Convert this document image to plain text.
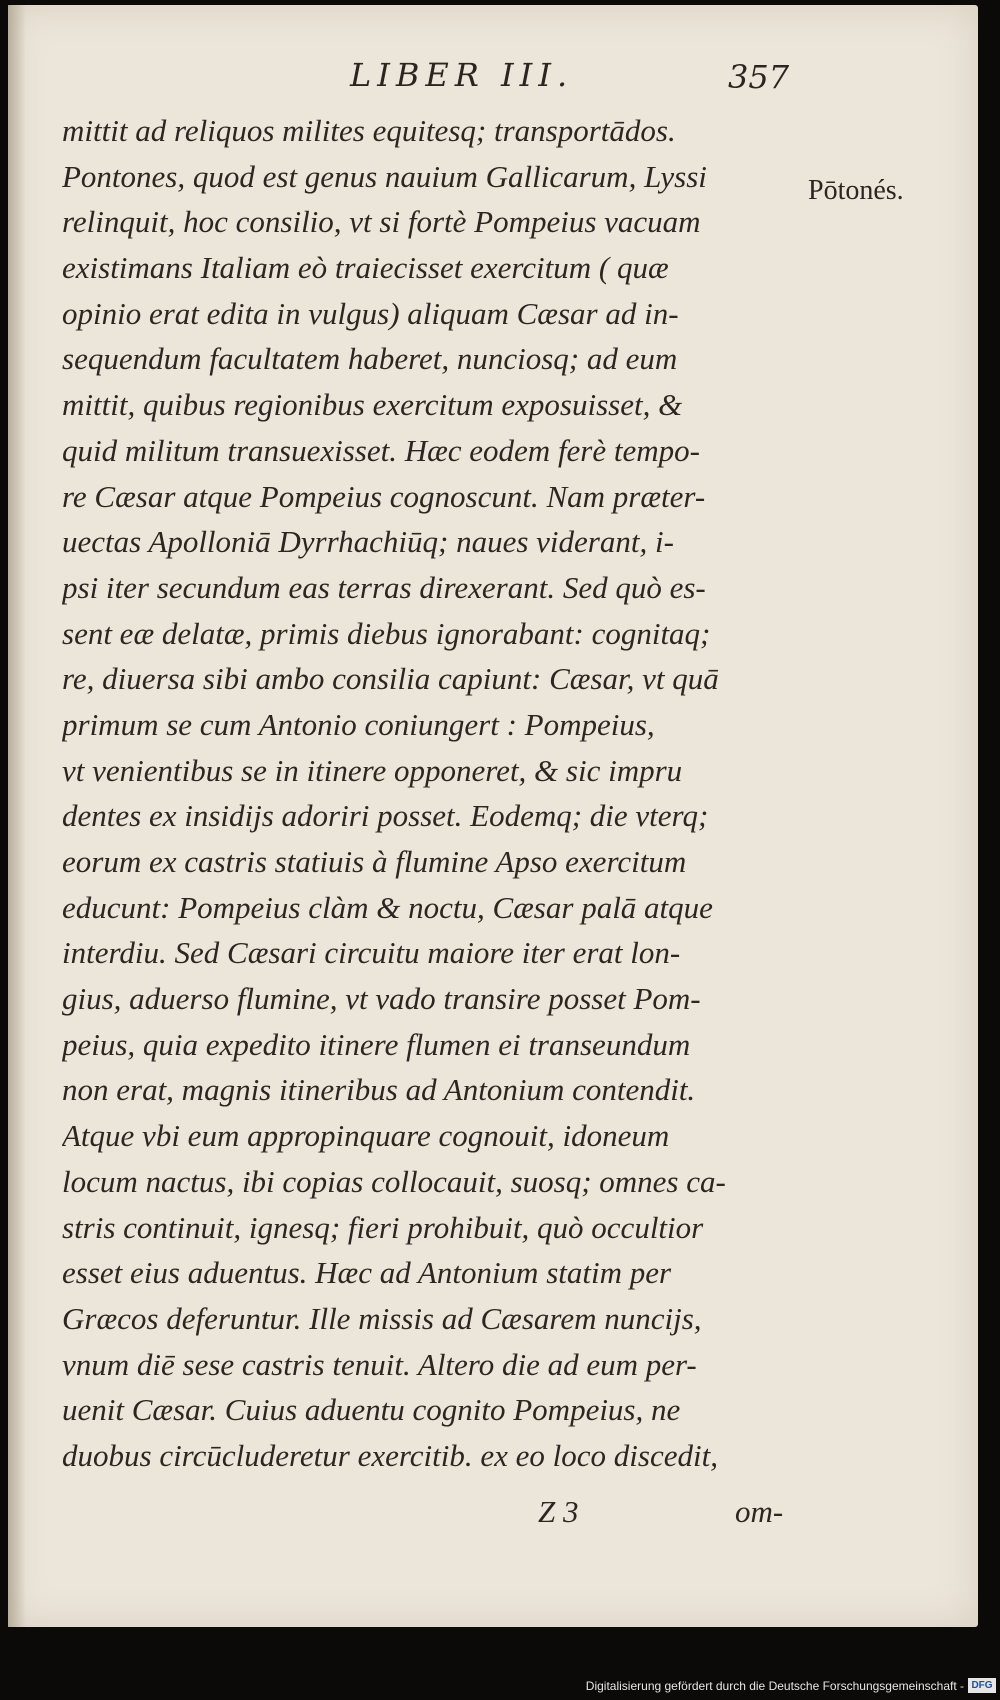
LIBER III.	357
Pōtonés.
mittit ad reliquos milites equitesq; transportādos.
Pontones, quod est genus nauium Gallicarum, Lyssi
relinquit, hoc consilio, vt si fortè Pompeius vacuam
existimans Italiam eò traiecisset exercitum ( quæ
opinio erat edita in vulgus) aliquam Cæsar ad in-
sequendum facultatem haberet, nunciosq; ad eum
mittit, quibus regionibus exercitum exposuisset, &
quid militum transuexisset. Hæc eodem ferè tempo-
re Cæsar atque Pompeius cognoscunt. Nam præter-
uectas Apolloniā Dyrrhachiūq; naues viderant, i-
psi iter secundum eas terras direxerant. Sed quò es-
sent eæ delatæ, primis diebus ignorabant: cognitaq;
re, diuersa sibi ambo consilia capiunt: Cæsar, vt quā
primum se cum Antonio coniungert : Pompeius,
vt venientibus se in itinere opponeret, & sic impru
dentes ex insidijs adoriri posset. Eodemq; die vterq;
eorum ex castris statiuis à flumine Apso exercitum
educunt: Pompeius clàm & noctu, Cæsar palā atque
interdiu. Sed Cæsari circuitu maiore iter erat lon-
gius, aduerso flumine, vt vado transire posset Pom-
peius, quia expedito itinere flumen ei transeundum
non erat, magnis itineribus ad Antonium contendit.
Atque vbi eum appropinquare cognouit, idoneum
locum nactus, ibi copias collocauit, suosq; omnes ca-
stris continuit, ignesq; fieri prohibuit, quò occultior
esset eius aduentus. Hæc ad Antonium statim per
Græcos deferuntur. Ille missis ad Cæsarem nuncijs,
vnum diē sese castris tenuit. Altero die ad eum per-
uenit Cæsar. Cuius aduentu cognito Pompeius, ne
duobus circūcluderetur exercitib. ex eo loco discedit,
Z 3	om-
Digitalisierung gefördert durch die Deutsche Forschungsgemeinschaft - DFG
